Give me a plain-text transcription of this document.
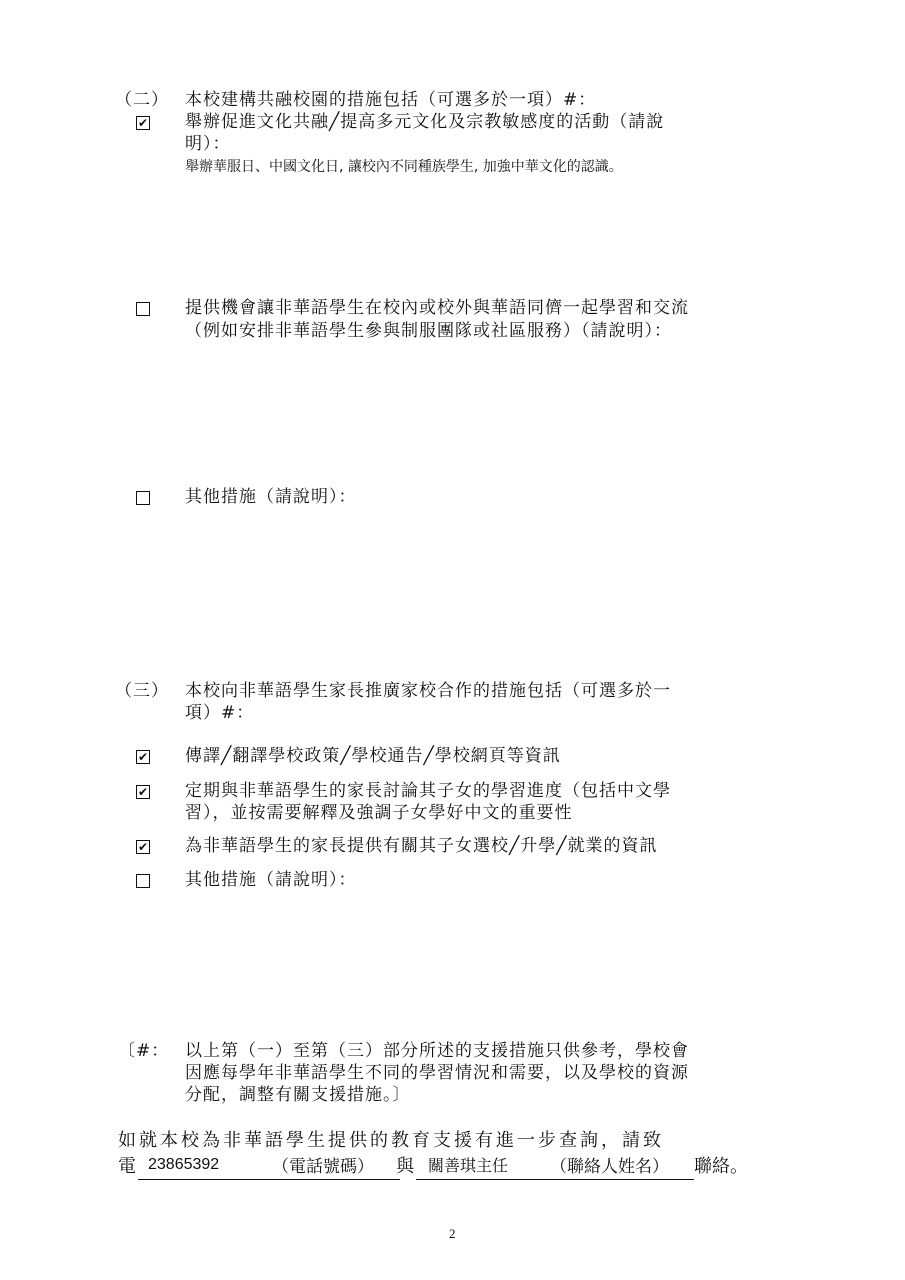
（二） 本校建構共融校園的措施包括（可選多於一項）#：
✔ 舉辦促進文化共融╱提高多元文化及宗教敏感度的活動（請說
明）：
舉辦華服日、中國文化日, 讓校內不同種族學生, 加強中華文化的認識。
提供機會讓非華語學生在校內或校外與華語同儕一起學習和交流
（例如安排非華語學生參與制服團隊或社區服務）（請說明）：
其他措施（請說明）：
（三） 本校向非華語學生家長推廣家校合作的措施包括（可選多於一
項）#：
✔ 傳譯╱翻譯學校政策╱學校通告╱學校網頁等資訊
✔ 定期與非華語學生的家長討論其子女的學習進度（包括中文學
習），並按需要解釋及強調子女學好中文的重要性
✔ 為非華語學生的家長提供有關其子女選校╱升學╱就業的資訊
其他措施（請說明）：
〔#： 以上第（一）至第（三）部分所述的支援措施只供參考，學校會
因應每學年非華語學生不同的學習情況和需要，以及學校的資源
分配，調整有關支援措施。〕
如就本校為非華語學生提供的教育支援有進一步查詢，請致
電 23865392	（電話號碼） 與 關善琪主任 （聯絡人姓名） 聯絡。
2
